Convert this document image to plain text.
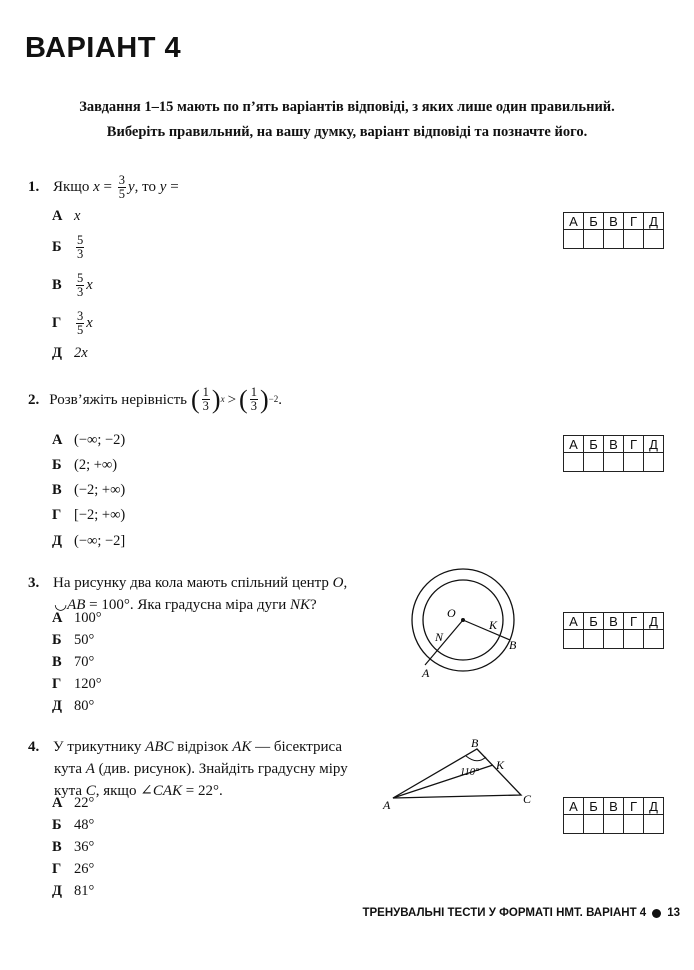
ВАРІАНТ 4
Завдання 1–15 мають по п’ять варіантів відповіді, з яких лише один правильний.
Виберіть правильний, на вашу думку, варіант відповіді та позначте його.
1. Якщо $x = \frac{3}{5} y$, то y =
А x
Б	$\frac{5}{3}$
В	$\frac{5}{3}$ x
Г	$\frac{3}{5}$ x
Д 2x
А	Б	В	Г	Д

2. Розв’яжіть нерівність ( $\frac{1}{3}$ ) x > ( $\frac{1}{3}$ ) −2 .
А (−∞; −2)
Б (2; +∞)
В (−2; +∞)
Г [−2; +∞)
Д (−∞; −2]
А	Б	В	Г	Д

3. На рисунку два кола мають спільний центр O,
◡AB = 100°. Яка градусна міра дуги NK?
А 100°
Б 50°
В 70°
Г 120°
Д 80°
O
N
K
A
B
А	Б	В	Г	Д

4. У трикутнику ABC відрізок AK — бісектриса
кута A (див. рисунок). Знайдіть градусну міру
кута C, якщо ∠CAK = 22°.
А 22°
Б 48°
В 36°
Г 26°
Д 81°
B
K
C
A
110°
А	Б	В	Г	Д

ТРЕНУВАЛЬНІ ТЕСТИ У ФОРМАТІ НМТ. ВАРІАНТ 4 13
